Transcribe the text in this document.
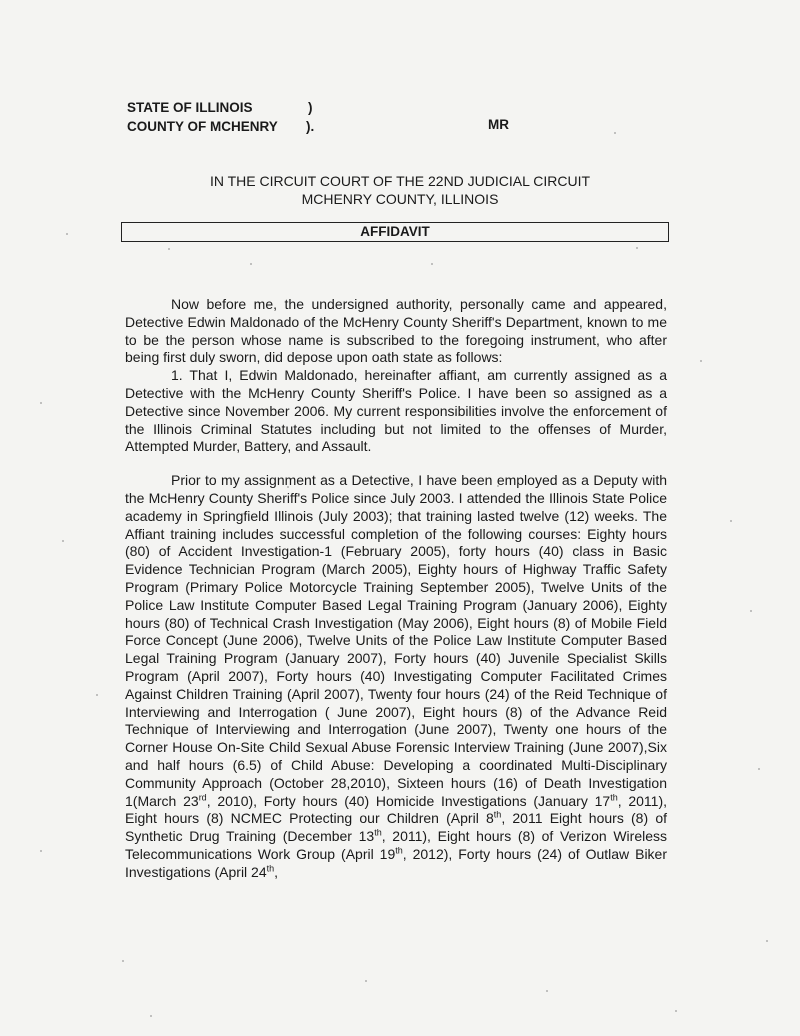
STATE OF ILLINOIS	)
COUNTY OF MCHENRY ).	MR
IN THE CIRCUIT COURT OF THE 22ND JUDICIAL CIRCUIT
MCHENRY COUNTY, ILLINOIS
AFFIDAVIT

Now before me, the undersigned authority, personally came and appeared, Detective Edwin Maldonado of the McHenry County Sheriff's Department, known to me to be the person whose name is subscribed to the foregoing instrument, who after being first duly sworn, did depose upon oath state as follows:

1. That I, Edwin Maldonado, hereinafter affiant, am currently assigned as a Detective with the McHenry County Sheriff's Police. I have been so assigned as a Detective since November 2006. My current responsibilities involve the enforcement of the Illinois Criminal Statutes including but not limited to the offenses of Murder, Attempted Murder, Battery, and Assault.

Prior to my assignment as a Detective, I have been employed as a Deputy with the McHenry County Sheriff's Police since July 2003. I attended the Illinois State Police academy in Springfield Illinois (July 2003); that training lasted twelve (12) weeks. The Affiant training includes successful completion of the following courses: Eighty hours (80) of Accident Investigation-1 (February 2005), forty hours (40) class in Basic Evidence Technician Program (March 2005), Eighty hours of Highway Traffic Safety Program (Primary Police Motorcycle Training September 2005), Twelve Units of the Police Law Institute Computer Based Legal Training Program (January 2006), Eighty hours (80) of Technical Crash Investigation (May 2006), Eight hours (8) of Mobile Field Force Concept (June 2006), Twelve Units of the Police Law Institute Computer Based Legal Training Program (January 2007), Forty hours (40) Juvenile Specialist Skills Program (April 2007), Forty hours (40) Investigating Computer Facilitated Crimes Against Children Training (April 2007), Twenty four hours (24) of the Reid Technique of Interviewing and Interrogation ( June 2007), Eight hours (8) of the Advance Reid Technique of Interviewing and Interrogation (June 2007), Twenty one hours of the Corner House On-Site Child Sexual Abuse Forensic Interview Training (June 2007),Six and half hours (6.5) of Child Abuse: Developing a coordinated Multi-Disciplinary Community Approach (October 28,2010), Sixteen hours (16) of Death Investigation 1(March 23rd, 2010), Forty hours (40) Homicide Investigations (January 17th, 2011), Eight hours (8) NCMEC Protecting our Children (April 8th, 2011 Eight hours (8) of Synthetic Drug Training (December 13th, 2011), Eight hours (8) of Verizon Wireless Telecommunications Work Group (April 19th, 2012), Forty hours (24) of Outlaw Biker Investigations (April 24th,
